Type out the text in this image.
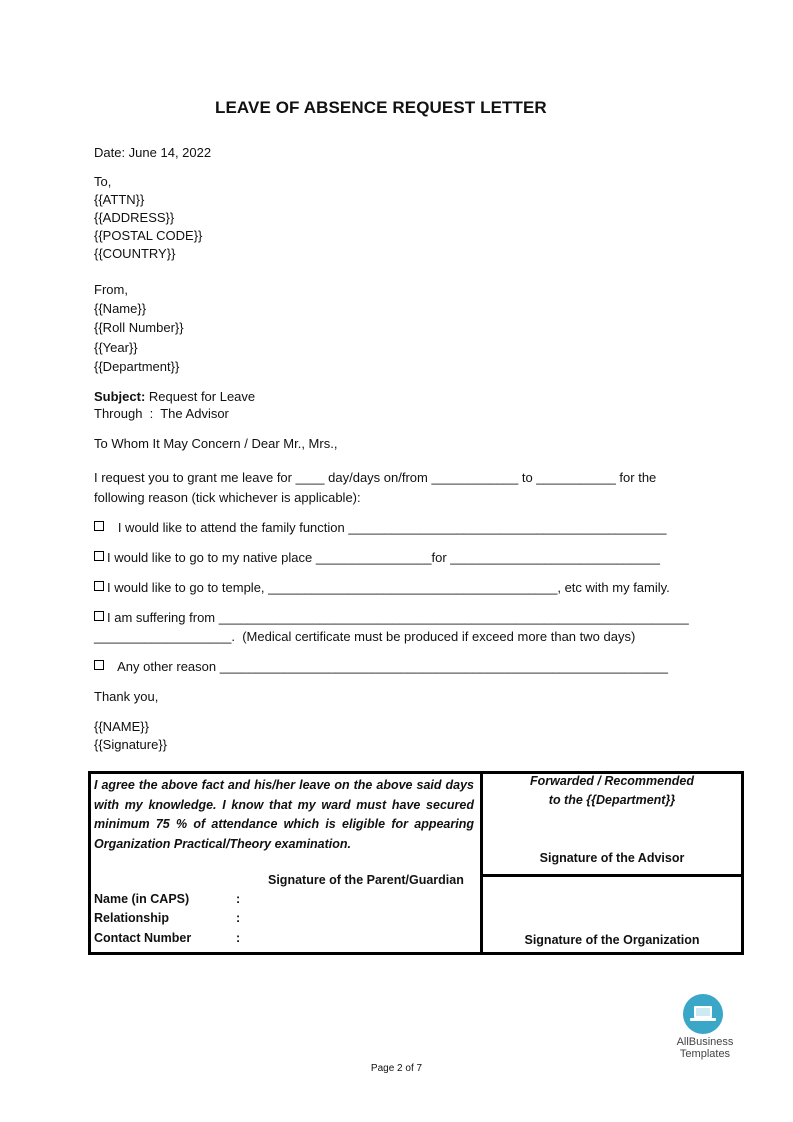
LEAVE OF ABSENCE REQUEST LETTER
Date: June 14, 2022
To,
{{ATTN}}
{{ADDRESS}}
{{POSTAL CODE}}
{{COUNTRY}}
From,
{{Name}}
{{Roll Number}}
{{Year}}
{{Department}}
Subject: Request for Leave
Through  :  The Advisor
To Whom It May Concern / Dear Mr., Mrs.,
I request you to grant me leave for ____ day/days on/from ____________ to ___________ for the
following reason (tick whichever is applicable):
I would like to attend the family function ____________________________________________
I would like to go to my native place ________________for _____________________________
I would like to go to temple, ________________________________________, etc with my family.
I am suffering from _________________________________________________________________
___________________.  (Medical certificate must be produced if exceed more than two days)
Any other reason ______________________________________________________________
Thank you,
{{NAME}}
{{Signature}}
I agree the above fact and his/her leave on the above said days with my knowledge. I know that my ward must have secured minimum 75 % of attendance which is eligible for appearing Organization Practical/Theory examination.
Signature of the Parent/Guardian
Name (in CAPS)	:
Relationship	:
Contact Number	:
Forwarded / Recommended
to the {{Department}}
Signature of the Advisor
Signature of the Organization
AllBusiness
Templates
Page 2 of 7
